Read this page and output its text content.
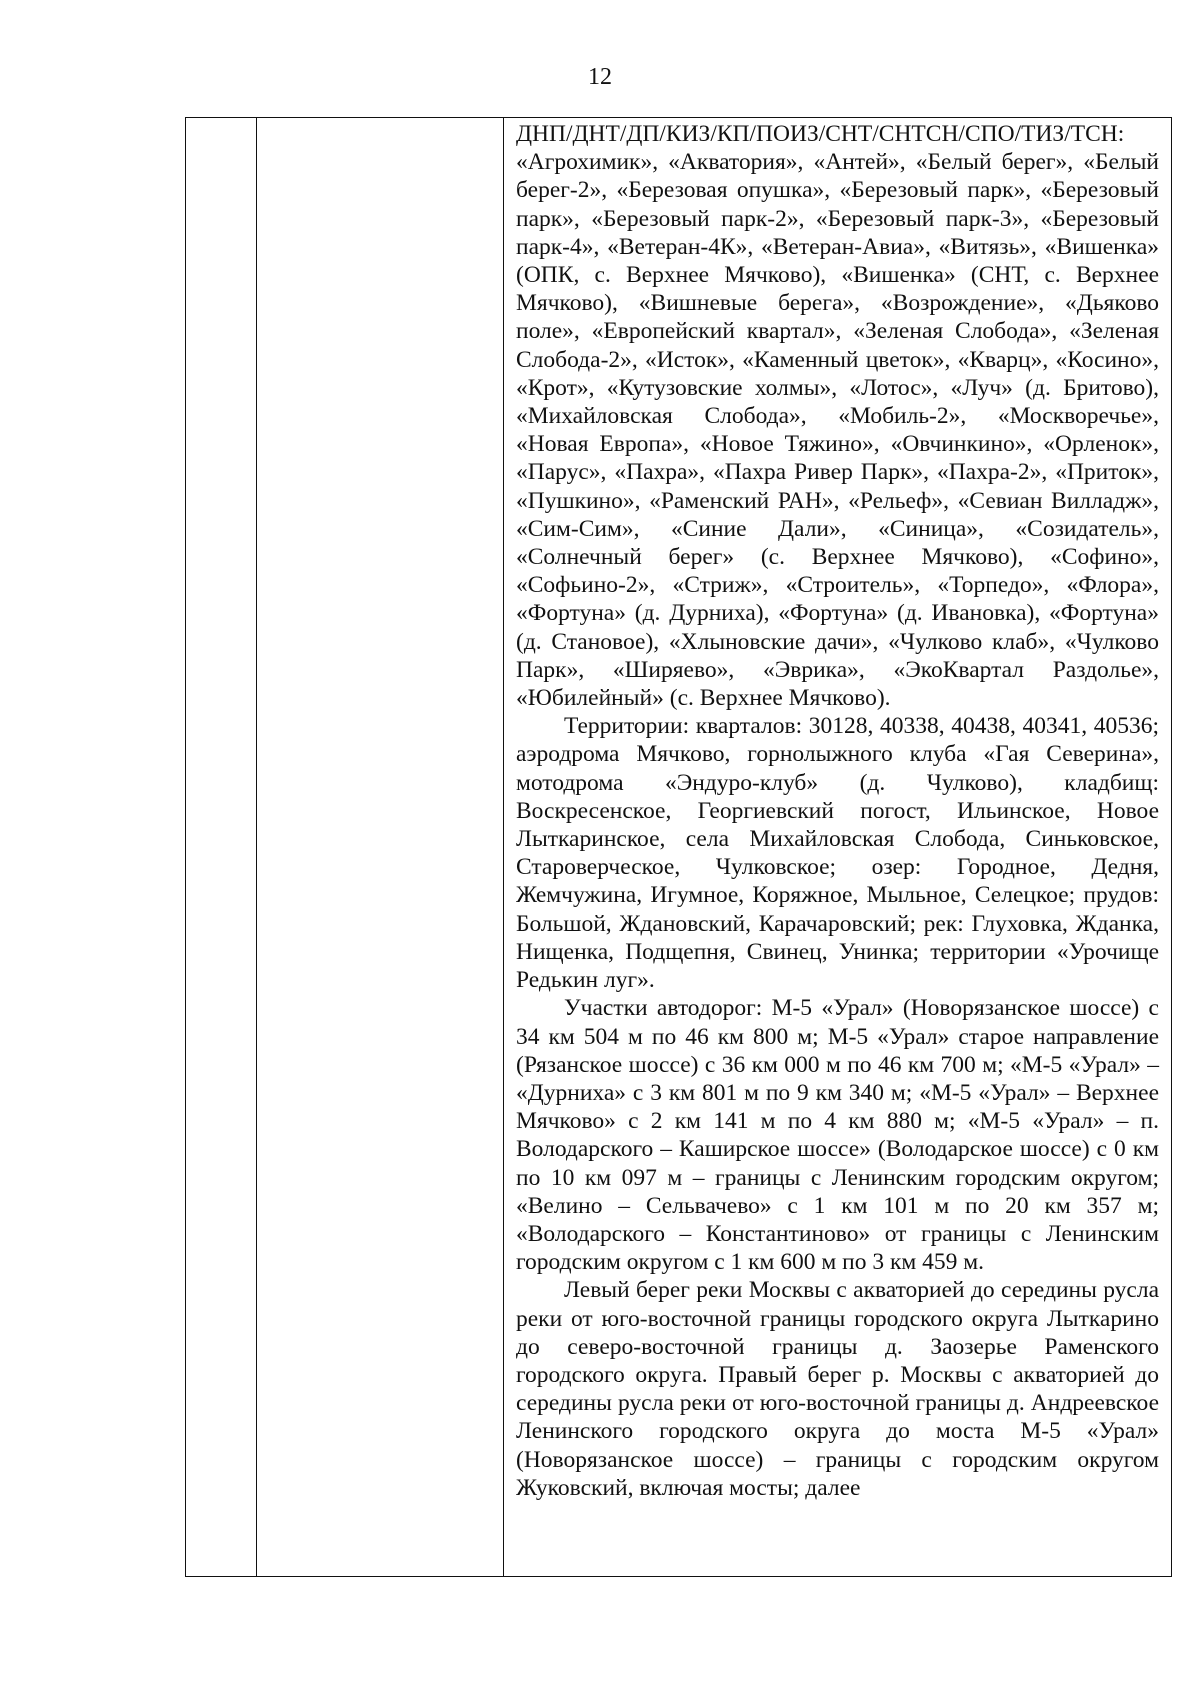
12

ДНП/ДНТ/ДП/КИЗ/КП/ПОИЗ/СНТ/СНТСН/СПО/ТИЗ/ТСН: «Агрохимик», «Акватория», «Антей», «Белый берег», «Белый берег-2», «Березовая опушка», «Березовый парк», «Березовый парк», «Березовый парк-2», «Березовый парк-3», «Березовый парк-4», «Ветеран-4К», «Ветеран-Авиа», «Витязь», «Вишенка» (ОПК, с. Верхнее Мячково), «Вишенка» (СНТ, с. Верхнее Мячково), «Вишневые берега», «Возрождение», «Дьяково поле», «Европейский квартал», «Зеленая Слобода», «Зеленая Слобода-2», «Исток», «Каменный цветок», «Кварц», «Косино», «Крот», «Кутузовские холмы», «Лотос», «Луч» (д. Бритово), «Михайловская Слобода», «Мобиль-2», «Москворечье», «Новая Европа», «Новое Тяжино», «Овчинкино», «Орленок», «Парус», «Пахра», «Пахра Ривер Парк», «Пахра-2», «Приток», «Пушкино», «Раменский РАН», «Рельеф», «Севиан Вилладж», «Сим-Сим», «Синие Дали», «Синица», «Созидатель», «Солнечный берег» (с. Верхнее Мячково), «Софино», «Софьино-2», «Стриж», «Строитель», «Торпедо», «Флора», «Фортуна» (д. Дурниха), «Фортуна» (д. Ивановка), «Фортуна» (д. Становое), «Хлыновские дачи», «Чулково клаб», «Чулково Парк», «Ширяево», «Эврика», «ЭкоКвартал Раздолье», «Юбилейный» (с. Верхнее Мячково).

Территории: кварталов: 30128, 40338, 40438, 40341, 40536; аэродрома Мячково, горнолыжного клуба «Гая Северина», мотодрома «Эндуро-клуб» (д. Чулково), кладбищ: Воскресенское, Георгиевский погост, Ильинское, Новое Лыткаринское, села Михайловская Слобода, Синьковское, Староверческое, Чулковское; озер: Городное, Дедня, Жемчужина, Игумное, Коряжное, Мыльное, Селецкое; прудов: Большой, Ждановский, Карачаровский; рек: Глуховка, Жданка, Нищенка, Подщепня, Свинец, Унинка; территории «Урочище Редькин луг».

Участки автодорог: М-5 «Урал» (Новорязанское шоссе) с 34 км 504 м по 46 км 800 м; М-5 «Урал» старое направление (Рязанское шоссе) с 36 км 000 м по 46 км 700 м; «М-5 «Урал» – «Дурниха» с 3 км 801 м по 9 км 340 м; «М-5 «Урал» – Верхнее Мячково» с 2 км 141 м по 4 км 880 м; «М-5 «Урал» – п. Володарского – Каширское шоссе» (Володарское шоссе) с 0 км по 10 км 097 м – границы с Ленинским городским округом; «Велино – Сельвачево» с 1 км 101 м по 20 км 357 м; «Володарского – Константиново» от границы с Ленинским городским округом с 1 км 600 м по 3 км 459 м.

Левый берег реки Москвы с акваторией до середины русла реки от юго-восточной границы городского округа Лыткарино до северо-восточной границы д. Заозерье Раменского городского округа. Правый берег р. Москвы с акваторией до середины русла реки от юго-восточной границы д. Андреевское Ленинского городского округа до моста М-5 «Урал» (Новорязанское шоссе) – границы с городским округом Жуковский, включая мосты; далее
